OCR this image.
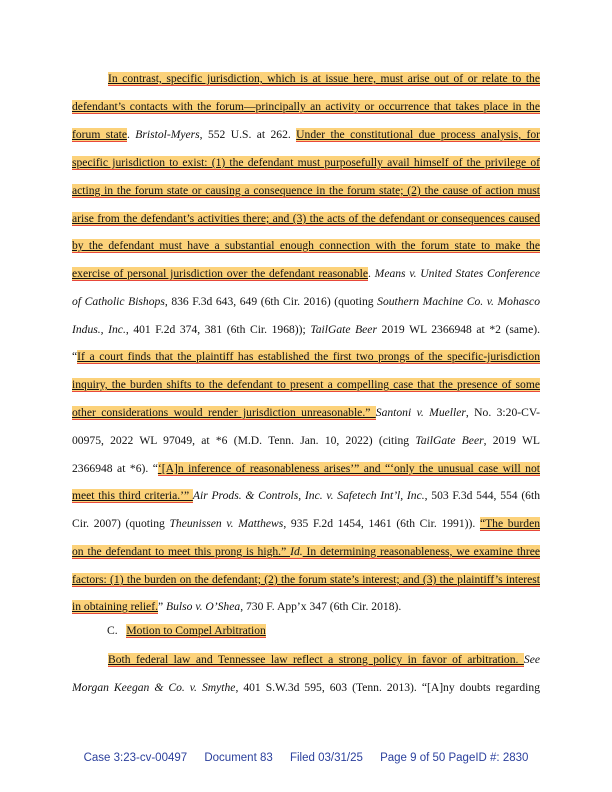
In contrast, specific jurisdiction, which is at issue here, must arise out of or relate to the
defendant’s contacts with the forum—principally an activity or occurrence that takes place in the
forum state. Bristol-Myers, 552 U.S. at 262. Under the constitutional due process analysis, for
specific jurisdiction to exist: (1) the defendant must purposefully avail himself of the privilege of
acting in the forum state or causing a consequence in the forum state; (2) the cause of action must
arise from the defendant’s activities there; and (3) the acts of the defendant or consequences caused
by the defendant must have a substantial enough connection with the forum state to make the
exercise of personal jurisdiction over the defendant reasonable. Means v. United States Conference
of Catholic Bishops, 836 F.3d 643, 649 (6th Cir. 2016) (quoting Southern Machine Co. v. Mohasco
Indus., Inc., 401 F.2d 374, 381 (6th Cir. 1968)); TailGate Beer 2019 WL 2366948 at *2 (same).
“If a court finds that the plaintiff has established the first two prongs of the specific-jurisdiction
inquiry, the burden shifts to the defendant to present a compelling case that the presence of some
other considerations would render jurisdiction unreasonable.” Santoni v. Mueller, No. 3:20-CV-
00975, 2022 WL 97049, at *6 (M.D. Tenn. Jan. 10, 2022) (citing TailGate Beer, 2019 WL
2366948 at *6). “‘[A]n inference of reasonableness arises’” and “‘only the unusual case will not
meet this third criteria.’” Air Prods. & Controls, Inc. v. Safetech Int’l, Inc., 503 F.3d 544, 554 (6th
Cir. 2007) (quoting Theunissen v. Matthews, 935 F.2d 1454, 1461 (6th Cir. 1991)). “The burden
on the defendant to meet this prong is high.” Id. In determining reasonableness, we examine three
factors: (1) the burden on the defendant; (2) the forum state’s interest; and (3) the plaintiff’s interest
in obtaining relief.” Bulso v. O’Shea, 730 F. App’x 347 (6th Cir. 2018).
C. Motion to Compel Arbitration
Both federal law and Tennessee law reflect a strong policy in favor of arbitration. See
Morgan Keegan & Co. v. Smythe, 401 S.W.3d 595, 603 (Tenn. 2013). “[A]ny doubts regarding
Case 3:23-cv-00497 Document 83 Filed 03/31/25 Page 9 of 50 PageID #: 2830
